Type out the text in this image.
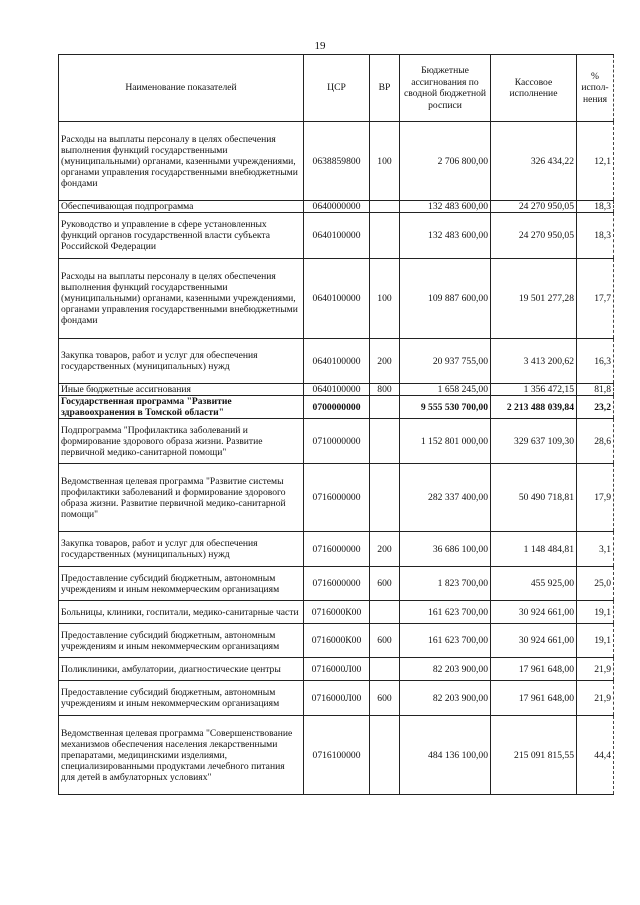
19
Наименование показателей	ЦСР	ВР	Бюджетные ассигнования по сводной бюджетной росписи	Кассовое исполнение	% испол-нения
Расходы на выплаты персоналу в целях обеспечения выполнения функций государственными (муниципальными) органами, казенными учреждениями, органами управления государственными внебюджетными фондами	0638859800	100	2 706 800,00	326 434,22	12,1
Обеспечивающая подпрограмма	0640000000		132 483 600,00	24 270 950,05	18,3
Руководство и управление в сфере установленных функций органов государственной власти субъекта Российской Федерации	0640100000		132 483 600,00	24 270 950,05	18,3
Расходы на выплаты персоналу в целях обеспечения выполнения функций государственными (муниципальными) органами, казенными учреждениями, органами управления государственными внебюджетными фондами	0640100000	100	109 887 600,00	19 501 277,28	17,7
Закупка товаров, работ и услуг для обеспечения государственных (муниципальных) нужд	0640100000	200	20 937 755,00	3 413 200,62	16,3
Иные бюджетные ассигнования	0640100000	800	1 658 245,00	1 356 472,15	81,8
Государственная программа "Развитие здравоохранения в Томской области"	0700000000		9 555 530 700,00	2 213 488 039,84	23,2
Подпрограмма "Профилактика заболеваний и формирование здорового образа жизни. Развитие первичной медико-санитарной помощи"	0710000000		1 152 801 000,00	329 637 109,30	28,6
Ведомственная целевая программа "Развитие системы профилактики заболеваний и формирование здорового образа жизни. Развитие первичной медико-санитарной помощи"	0716000000		282 337 400,00	50 490 718,81	17,9
Закупка товаров, работ и услуг для обеспечения государственных (муниципальных) нужд	0716000000	200	36 686 100,00	1 148 484,81	3,1
Предоставление субсидий бюджетным, автономным учреждениям и иным некоммерческим организациям	0716000000	600	1 823 700,00	455 925,00	25,0
Больницы, клиники, госпитали, медико-санитарные части	0716000К00		161 623 700,00	30 924 661,00	19,1
Предоставление субсидий бюджетным, автономным учреждениям и иным некоммерческим организациям	0716000К00	600	161 623 700,00	30 924 661,00	19,1
Поликлиники, амбулатории, диагностические центры	0716000Л00		82 203 900,00	17 961 648,00	21,9
Предоставление субсидий бюджетным, автономным учреждениям и иным некоммерческим организациям	0716000Л00	600	82 203 900,00	17 961 648,00	21,9
Ведомственная целевая программа "Совершенствование механизмов обеспечения населения лекарственными препаратами, медицинскими изделиями, специализированными продуктами лечебного питания для детей в амбулаторных условиях"	0716100000		484 136 100,00	215 091 815,55	44,4
